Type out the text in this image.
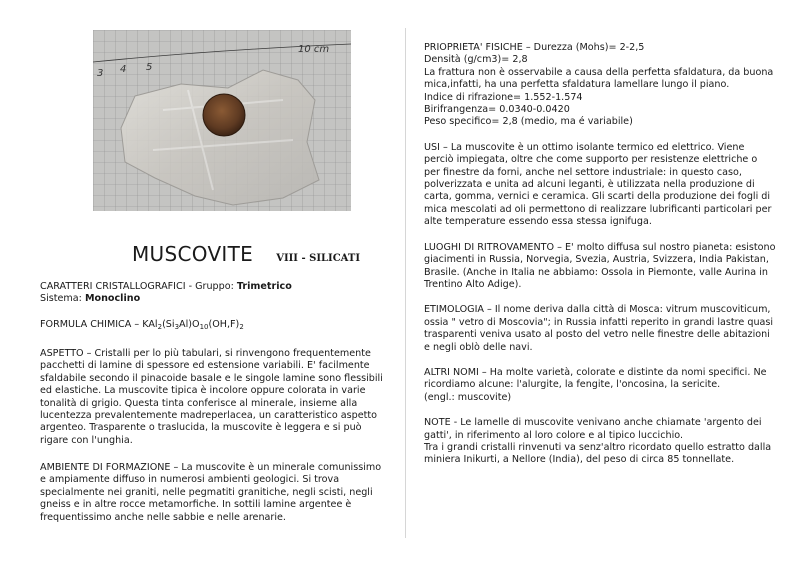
3 4 5
10 cm
MUSCOVITE VIII - SILICATI

CARATTERI CRISTALLOGRAFICI - Gruppo: Trimetrico

Sistema: Monoclino

FORMULA CHIMICA – $KAl_2(Si_3Al)O_{10}(OH,F)_2$

ASPETTO – Cristalli per lo più tabulari, si rinvengono frequentemente pacchetti di lamine di spessore ed estensione variabili. E' facilmente sfaldabile secondo il pinacoide basale e le singole lamine sono flessibili ed elastiche. La muscovite tipica è incolore oppure colorata in varie tonalità di grigio. Questa tinta conferisce al minerale, insieme alla lucentezza prevalentemente madreperlacea, un caratteristico aspetto argenteo. Trasparente o traslucida, la muscovite è leggera e si può rigare con l'unghia.

AMBIENTE DI FORMAZIONE – La muscovite è un minerale comunissimo e ampiamente diffuso in numerosi ambienti geologici. Si trova specialmente nei graniti, nelle pegmatiti granitiche, negli scisti, negli gneiss e in altre rocce metamorfiche. In sottili lamine argentee è frequentissimo anche nelle sabbie e nelle arenarie.

PRIOPRIETA' FISICHE – Durezza (Mohs)= 2-2,5

Densità (g/cm3)= 2,8

La frattura non è osservabile a causa della perfetta sfaldatura, da buona mica,infatti, ha una perfetta sfaldatura lamellare lungo il piano.

Indice di rifrazione= 1.552-1.574

Birifrangenza= 0.0340-0.0420

Peso specifico= 2,8 (medio, ma é variabile)

USI – La muscovite è un ottimo isolante termico ed elettrico. Viene perciò impiegata, oltre che come supporto per resistenze elettriche o per finestre da forni, anche nel settore industriale: in questo caso, polverizzata e unita ad alcuni leganti, è utilizzata nella produzione di carta, gomma, vernici e ceramica. Gli scarti della produzione dei fogli di mica mescolati ad oli permettono di realizzare lubrificanti particolari per alte temperature essendo essa stessa ignifuga.

LUOGHI DI RITROVAMENTO – E' molto diffusa sul nostro pianeta: esistono giacimenti in Russia, Norvegia, Svezia, Austria, Svizzera, India Pakistan, Brasile. (Anche in Italia ne abbiamo: Ossola in Piemonte, valle Aurina in Trentino Alto Adige).

ETIMOLOGIA – Il nome deriva dalla città di Mosca: vitrum muscoviticum, ossia " vetro di Moscovia"; in Russia infatti reperito in grandi lastre quasi trasparenti veniva usato al posto del vetro nelle finestre delle abitazioni e negli oblò delle navi.

ALTRI NOMI – Ha molte varietà, colorate e distinte da nomi specifici. Ne ricordiamo alcune: l'alurgite, la fengite, l'oncosina, la sericite.

(engl.: muscovite)

NOTE - Le lamelle di muscovite venivano anche chiamate 'argento dei gatti', in riferimento al loro colore e al tipico luccichio.

Tra i grandi cristalli rinvenuti va senz'altro ricordato quello estratto dalla miniera Inikurti, a Nellore (India), del peso di circa 85 tonnellate.
